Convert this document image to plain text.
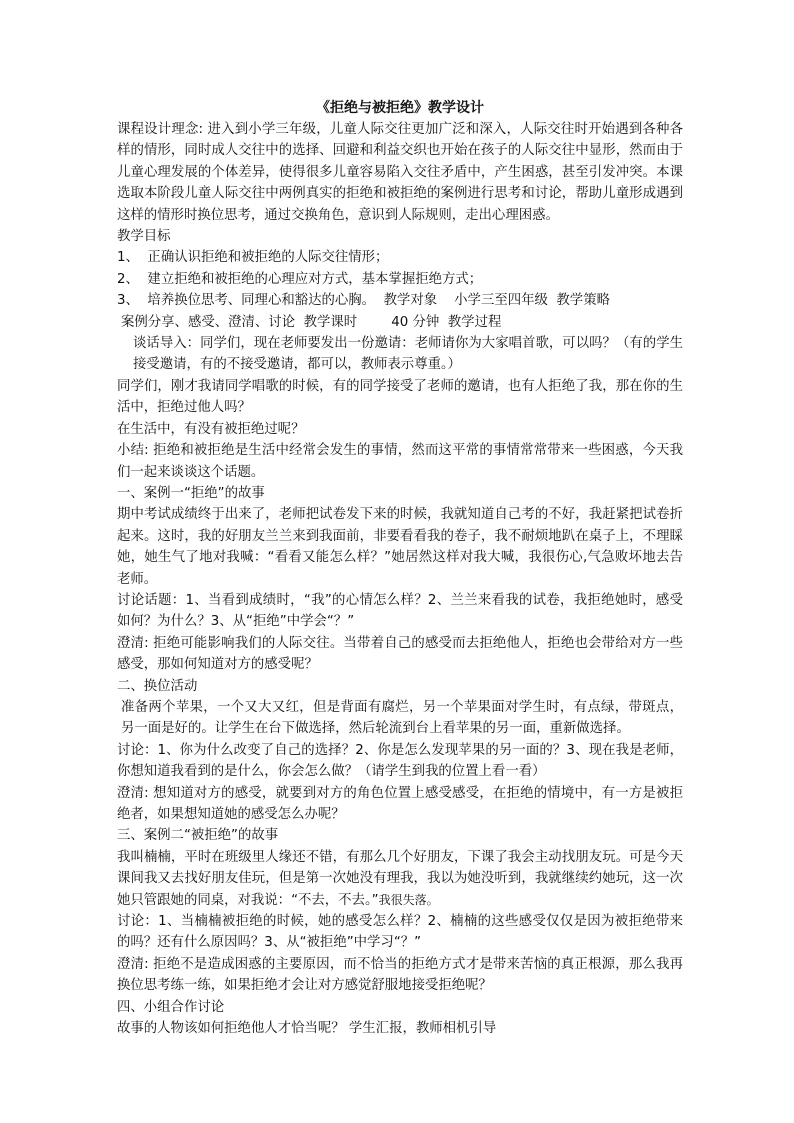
《拒绝与被拒绝》教学设计

课程设计理念: 进入到小学三年级，儿童人际交往更加广泛和深入，人际交往时开始遇到各种各样的情形，同时成人交往中的选择、回避和利益交织也开始在孩子的人际交往中显形，然而由于儿童心理发展的个体差异，使得很多儿童容易陷入交往矛盾中，产生困惑，甚至引发冲突。本课选取本阶段儿童人际交往中两例真实的拒绝和被拒绝的案例进行思考和讨论，帮助儿童形成遇到这样的情形时换位思考，通过交换角色，意识到人际规则，走出心理困惑。

教学目标

1、  正确认识拒绝和被拒绝的人际交往情形；

2、  建立拒绝和被拒绝的心理应对方式，基本掌握拒绝方式；

3、  培养换位思考、同理心和豁达的心胸。  教学对象    小学三至四年级  教学策略

案例分享、感受、澄清、讨论  教学课时        40 分钟  教学过程

谈话导入：同学们，现在老师要发出一份邀请：老师请你为大家唱首歌，可以吗？（有的学生接受邀请，有的不接受邀请，都可以，教师表示尊重。）

同学们，刚才我请同学唱歌的时候，有的同学接受了老师的邀请，也有人拒绝了我，那在你的生活中，拒绝过他人吗？

在生活中，有没有被拒绝过呢？

小结: 拒绝和被拒绝是生活中经常会发生的事情，然而这平常的事情常常带来一些困惑，今天我们一起来谈谈这个话题。

一、案例一“拒绝”的故事

期中考试成绩终于出来了，老师把试卷发下来的时候，我就知道自己考的不好，我赶紧把试卷折起来。这时，我的好朋友兰兰来到我面前，非要看看我的卷子，我不耐烦地趴在桌子上，不理睬她，她生气了地对我喊：“看看又能怎么样？”她居然这样对我大喊，我很伤心,气急败坏地去告老师。

讨论话题：1、当看到成绩时，“我”的心情怎么样？2、兰兰来看我的试卷，我拒绝她时，感受如何？为什么？3、从“拒绝”中学会“？”

澄清: 拒绝可能影响我们的人际交往。当带着自己的感受而去拒绝他人，拒绝也会带给对方一些感受，那如何知道对方的感受呢？

二、换位活动

准备两个苹果，一个又大又红，但是背面有腐烂，另一个苹果面对学生时，有点绿，带斑点，另一面是好的。让学生在台下做选择，然后轮流到台上看苹果的另一面，重新做选择。

讨论：1、你为什么改变了自己的选择？2、你是怎么发现苹果的另一面的？3、现在我是老师，你想知道我看到的是什么，你会怎么做？（请学生到我的位置上看一看）

澄清: 想知道对方的感受，就要到对方的角色位置上感受感受，在拒绝的情境中，有一方是被拒绝者，如果想知道她的感受怎么办呢？

三、案例二“被拒绝”的故事

我叫楠楠，平时在班级里人缘还不错，有那么几个好朋友，下课了我会主动找朋友玩。可是今天课间我又去找好朋友佳玩，但是第一次她没有理我，我以为她没听到，我就继续约她玩，这一次她只管跟她的同桌，对我说：“不去，不去。”我很失落。

讨论：1、当楠楠被拒绝的时候，她的感受怎么样？2、楠楠的这些感受仅仅是因为被拒绝带来的吗？还有什么原因吗？3、从“被拒绝”中学习“？”

澄清: 拒绝不是造成困惑的主要原因，而不恰当的拒绝方式才是带来苦恼的真正根源，那么我再换位思考练一练，如果拒绝才会让对方感觉舒服地接受拒绝呢？

四、小组合作讨论

故事的人物该如何拒绝他人才恰当呢？ 学生汇报，教师相机引导
